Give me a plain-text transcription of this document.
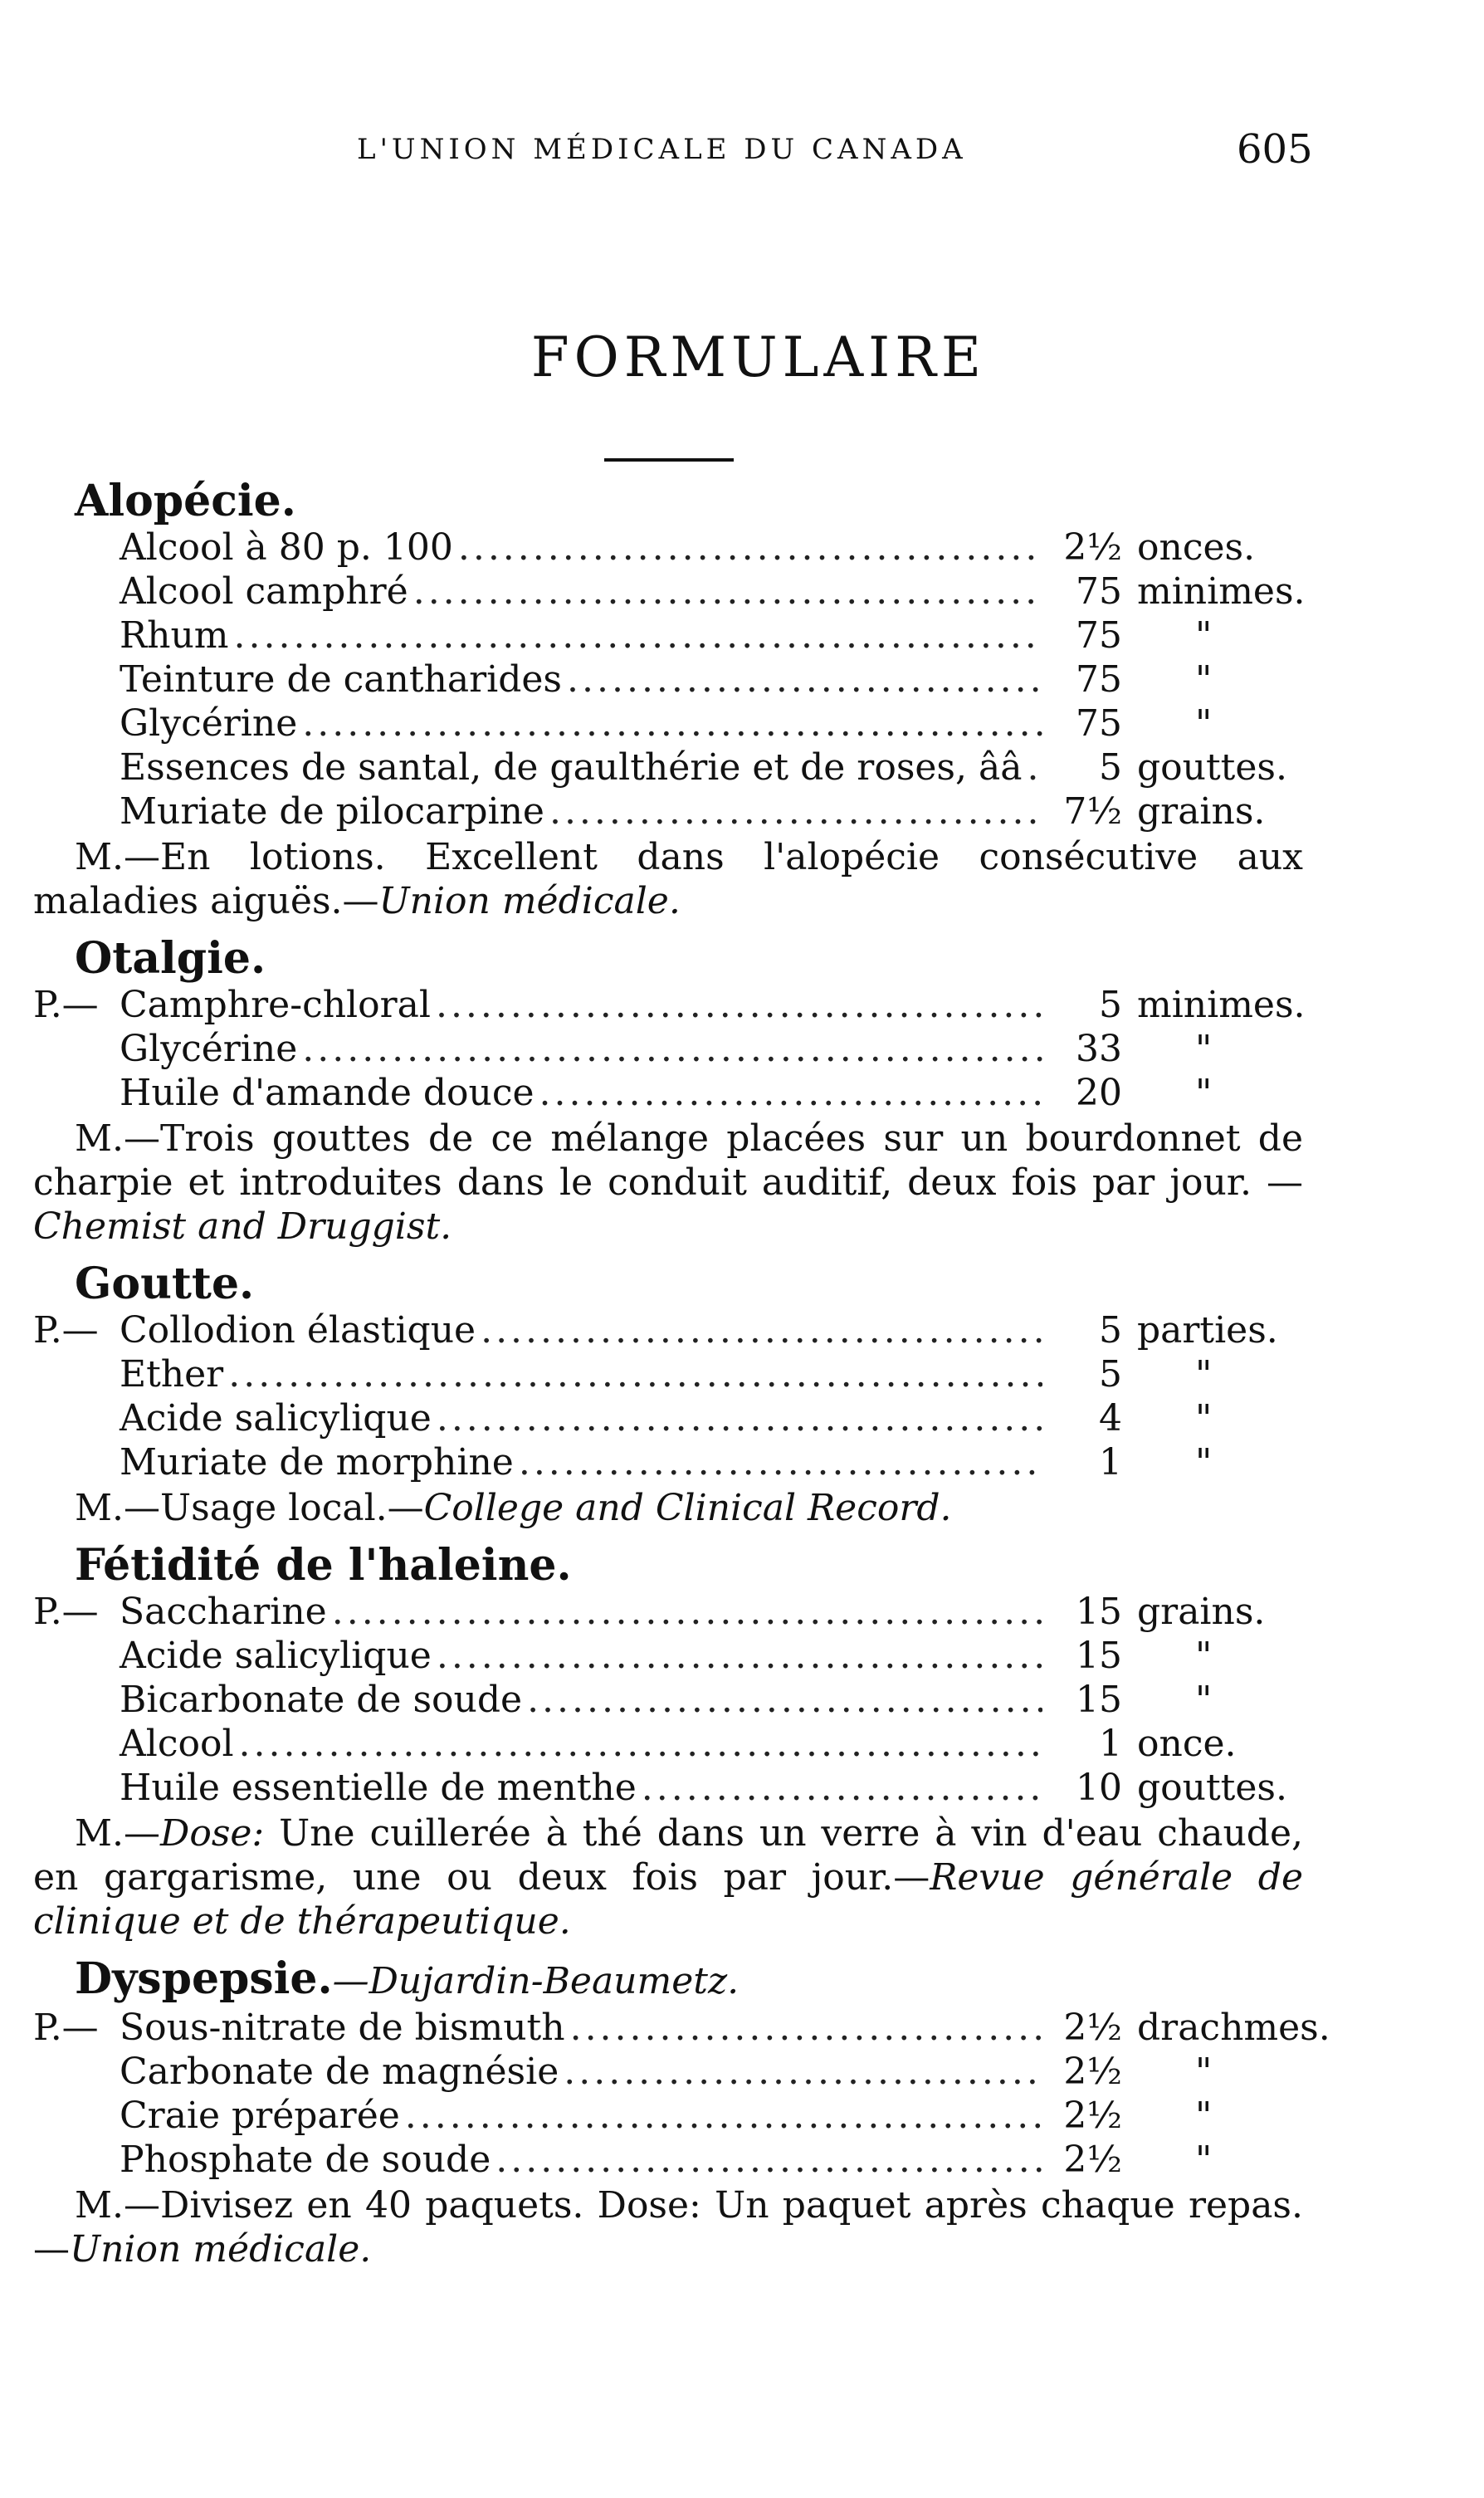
L'UNION MÉDICALE DU CANADA	605
FORMULAIRE
Alopécie.
Alcool à 80 p. 100 .....	2½ onces.
Alcool camphré .....	75 minimes.
Rhum .....	75	"
Teinture de cantharides .....	75	"
Glycérine .....	75	"
Essences de santal, de gaulthérie et de roses, ââ .....	5 gouttes.
Muriate de pilocarpine .....	7½ grains.
M.—En lotions. Excellent dans l'alopécie consécutive aux maladies aiguës.—Union médicale.
Otalgie.
P.— Camphre-chloral .....	5 minimes.
Glycérine .....	33	"
Huile d'amande douce .....	20	"
M.—Trois gouttes de ce mélange placées sur un bourdonnet de charpie et introduites dans le conduit auditif, deux fois par jour. —Chemist and Druggist.
Goutte.
P.— Collodion élastique .....	5 parties.
Ether .....	5	"
Acide salicylique .....	4	"
Muriate de morphine .....	1	"
M.—Usage local.—College and Clinical Record.
Fétidité de l'haleine.
P.— Saccharine .....	15 grains.
Acide salicylique .....	15	"
Bicarbonate de soude .....	15	"
Alcool .....	1 once.
Huile essentielle de menthe .....	10 gouttes.
M.—Dose: Une cuillerée à thé dans un verre à vin d'eau chaude, en gargarisme, une ou deux fois par jour.—Revue générale de clinique et de thérapeutique.
Dyspepsie.—Dujardin-Beaumetz.
P.— Sous-nitrate de bismuth .....	2½ drachmes.
Carbonate de magnésie .....	2½	"
Craie préparée .....	2½	"
Phosphate de soude .....	2½	"
M.—Divisez en 40 paquets. Dose: Un paquet après chaque repas.—Union médicale.
